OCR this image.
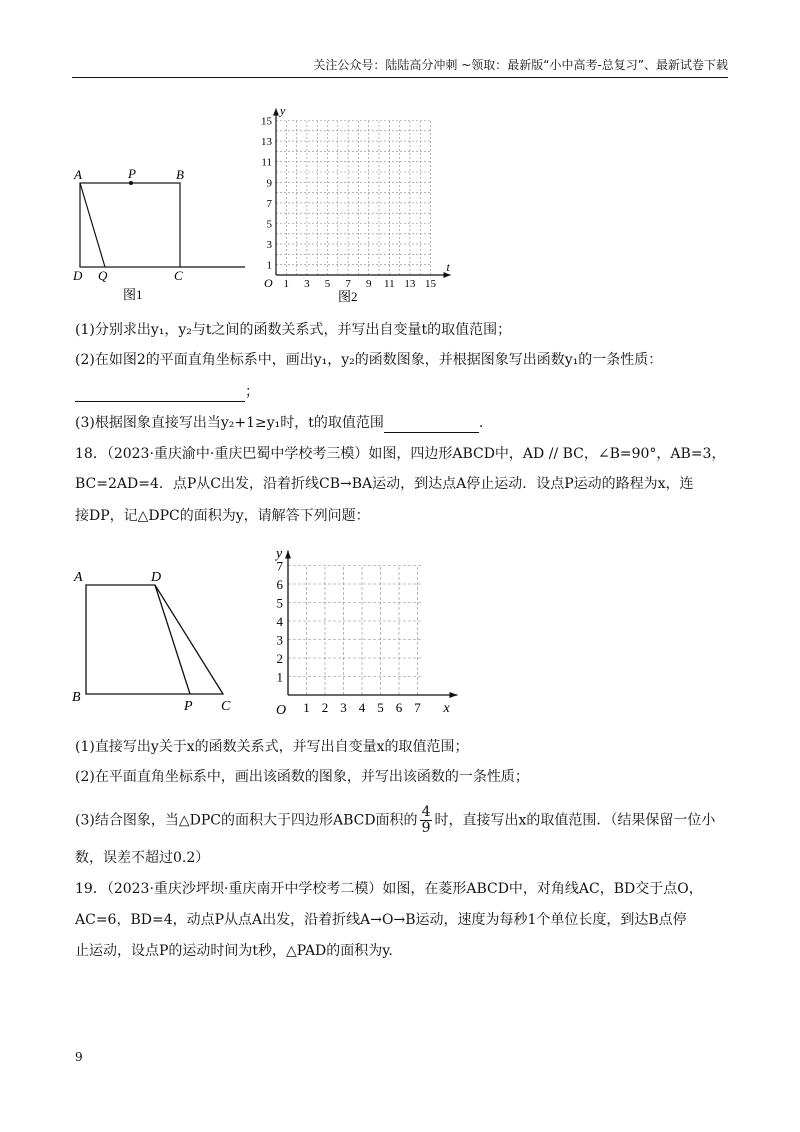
关注公众号：陆陆高分冲刺 ~领取：最新版“小中高考-总复习”、最新试卷下载
A	P	B
D Q	C
图1
15
13
11
9
7
5
3
1
1 3 5 7 9 11 13 15
O
y
t
图2
(1)分别求出y₁，y₂与t之间的函数关系式，并写出自变量t的取值范围；
(2)在如图2的平面直角坐标系中，画出y₁，y₂的函数图象，并根据图象写出函数y₁的一条性质：
；
(3)根据图象直接写出当y₂+1≥y₁时，t的取值范围	.
18．（2023·重庆渝中·重庆巴蜀中学校考三模）如图，四边形ABCD中，AD // BC，∠B=90°，AB=3，
BC=2AD=4．点P从C出发，沿着折线CB→BA运动，到达点A停止运动．设点P运动的路程为x，连
接DP，记△DPC的面积为y，请解答下列问题：
A	D
B
P C
7
6
5
4
3
2
1
1 2 3 4 5 6 7
O
y
x
(1)直接写出y关于x的函数关系式，并写出自变量x的取值范围；
(2)在平面直角坐标系中，画出该函数的图象，并写出该函数的一条性质；
(3)结合图象，当△DPC的面积大于四边形ABCD面积的 $\frac{4}{9}$ 时，直接写出x的取值范围．（结果保留一位小
数，误差不超过0.2）
19．（2023·重庆沙坪坝·重庆南开中学校考二模）如图，在菱形ABCD中，对角线AC，BD交于点O，
AC=6，BD=4，动点P从点A出发，沿着折线A→O→B运动，速度为每秒1个单位长度，到达B点停
止运动，设点P的运动时间为t秒，△PAD的面积为y.
9
